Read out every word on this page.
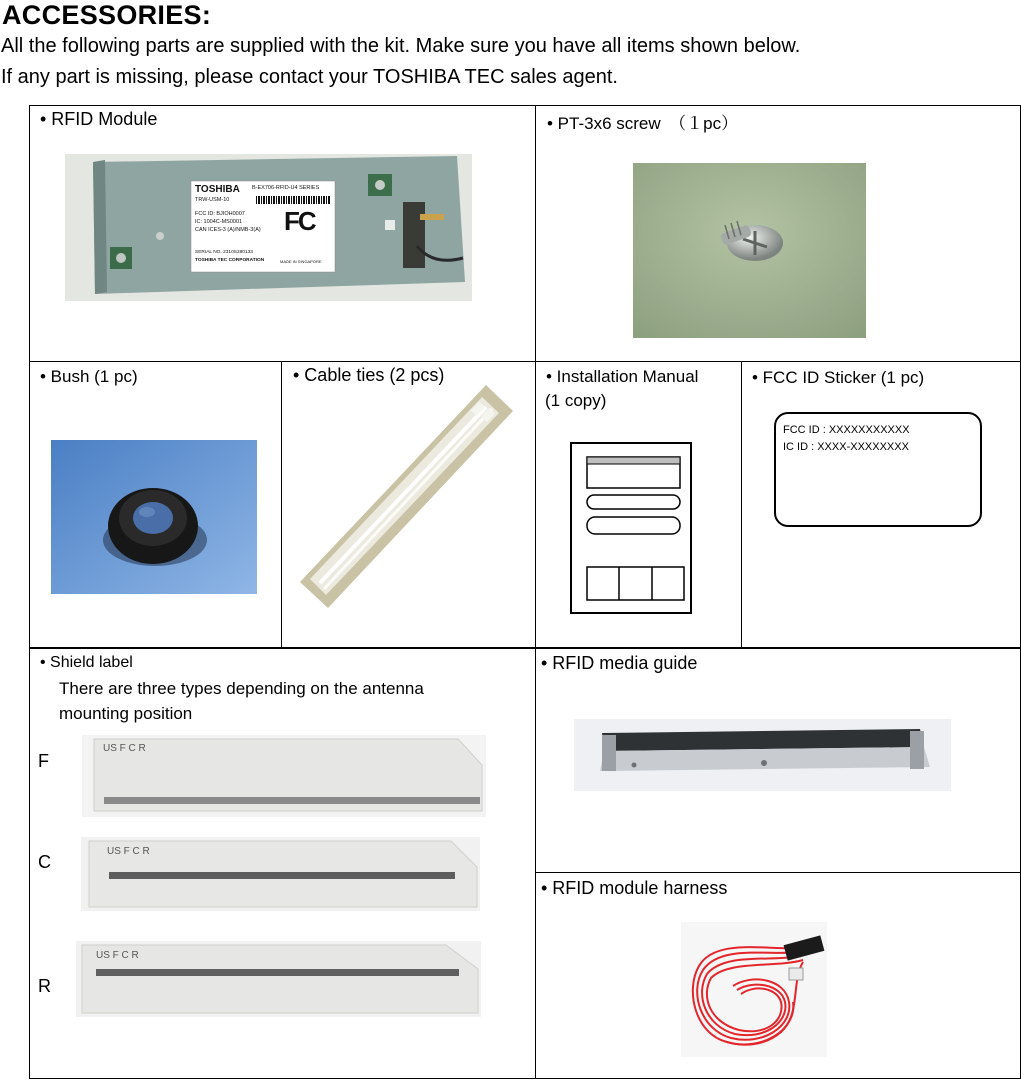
ACCESSORIES:
All the following parts are supplied with the kit. Make sure you have all items shown below.
If any part is missing, please contact your TOSHIBA TEC sales agent.
• RFID Module
TOSHIBA B-EX706-RFID-U4 SERIES
TRW-USM-10
FCC ID: BJIOH0007
IC: 1004C-MS0001
CAN ICES-3 (A)/NMB-3(A) FC
SERIAL NO. 2310S280133
TOSHIBA TEC CORPORATION	MADE IN SINGAPORE
• PT-3x6 screw　（１pc）
• Bush (1 pc)	• Cable ties (2 pcs)	• Installation Manual
(1 copy)
• FCC ID Sticker (1 pc)
FCC ID : XXXXXXXXXXX
IC ID : XXXX-XXXXXXXX
• Shield label
There are three types depending on the antenna
mounting position
F
US F C R
C
US F C R
R
US F C R
• RFID media guide
• RFID module harness
